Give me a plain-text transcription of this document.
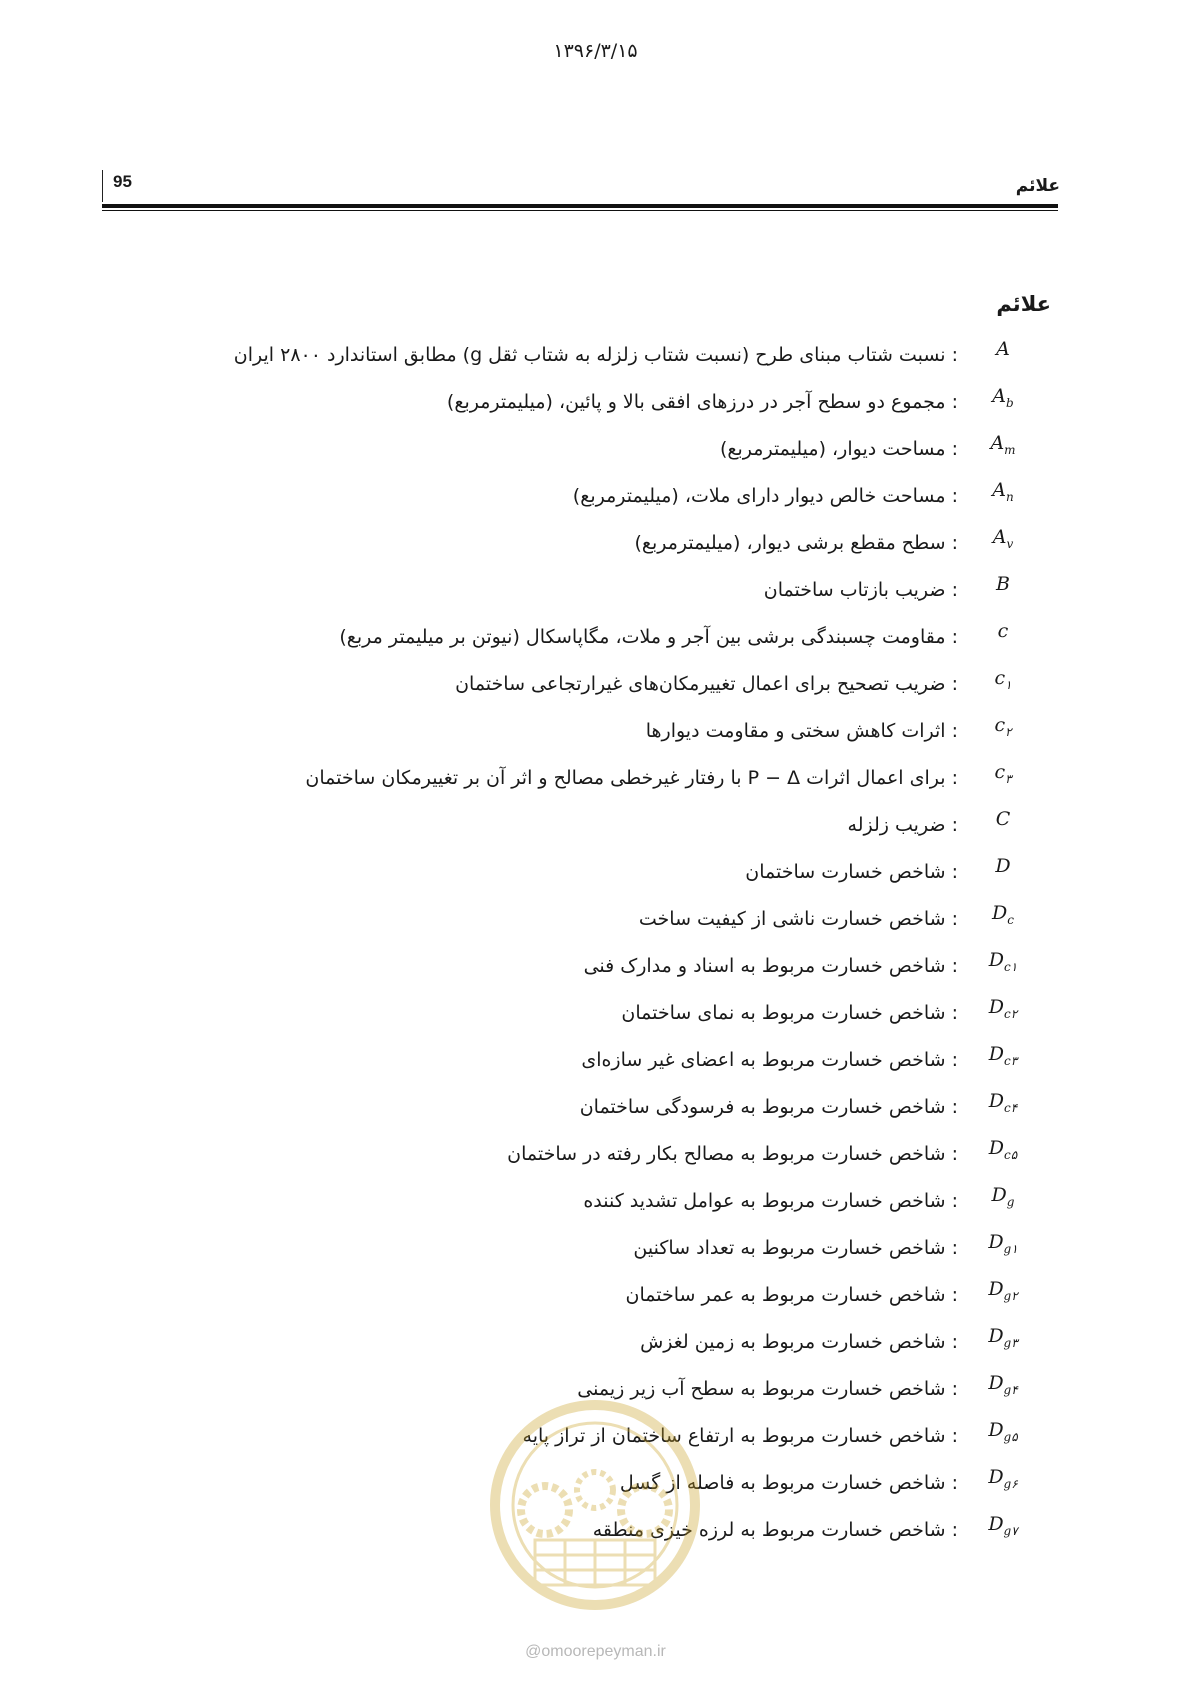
۱۳۹۶/۳/۱۵
95	علائم
علائم
A
: نسبت شتاب مبنای طرح (نسبت شتاب زلزله به شتاب ثقل g) مطابق استاندارد ۲۸۰۰ ایران
$A_b$
: مجموع دو سطح آجر در درزهای افقی بالا و پائین، (میلیمترمربع)
$A_m$
: مساحت دیوار، (میلیمترمربع)
$A_n$
: مساحت خالص دیوار دارای ملات، (میلیمترمربع)
$A_v$
: سطح مقطع برشی دیوار، (میلیمترمربع)
B
: ضریب بازتاب ساختمان
c
: مقاومت چسبندگی برشی بین آجر و ملات، مگاپاسکال (نیوتن بر میلیمتر مربع)
$c_۱$
: ضریب تصحیح برای اعمال تغییرمکان‌های غیرارتجاعی ساختمان
$c_۲$
: اثرات کاهش سختی و مقاومت دیوارها
$c_۳$
: برای اعمال اثرات P − Δ با رفتار غیرخطی مصالح و اثر آن بر تغییرمکان ساختمان
C
: ضریب زلزله
D
: شاخص خسارت ساختمان
$D_c$
: شاخص خسارت ناشی از کیفیت ساخت
$D_{c۱}$
: شاخص خسارت مربوط به اسناد و مدارک فنی
$D_{c۲}$
: شاخص خسارت مربوط به نمای ساختمان
$D_{c۳}$
: شاخص خسارت مربوط به اعضای غیر سازه‌ای
$D_{c۴}$
: شاخص خسارت مربوط به فرسودگی ساختمان
$D_{c۵}$
: شاخص خسارت مربوط به مصالح بکار رفته در ساختمان
$D_g$
: شاخص خسارت مربوط به عوامل تشدید کننده
$D_{g۱}$
: شاخص خسارت مربوط به تعداد ساکنین
$D_{g۲}$
: شاخص خسارت مربوط به عمر ساختمان
$D_{g۳}$
: شاخص خسارت مربوط به زمین لغزش
$D_{g۴}$
: شاخص خسارت مربوط به سطح آب زیر زیمنی
$D_{g۵}$
: شاخص خسارت مربوط به ارتفاع ساختمان از تراز پایه
$D_{g۶}$
: شاخص خسارت مربوط به فاصله از گسل
$D_{g۷}$
: شاخص خسارت مربوط به لرزه خیزی منطقه
@omoorepeyman.ir
